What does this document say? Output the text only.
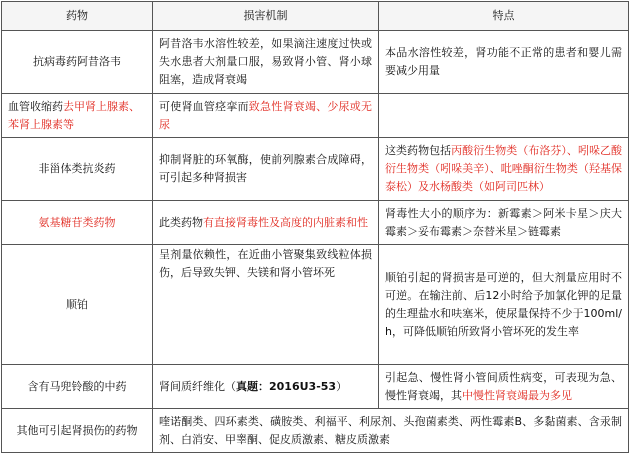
药物	损害机制	特点
抗病毒药阿昔洛韦	阿昔洛韦水溶性较差，如果滴注速度过快或失水患者大剂量口服，易致肾小管、肾小球阻塞，造成肾衰竭	本品水溶性较差，肾功能不正常的患者和婴儿需要减少用量
血管收缩药去甲肾上腺素、苯肾上腺素等	可使肾血管痉挛而致急性肾衰竭、少尿或无尿	
非甾体类抗炎药	抑制肾脏的环氧酶，使前列腺素合成障碍，可引起多种肾损害	这类药物包括丙酸衍生物类（布洛芬）、吲哚乙酸衍生物类（吲哚美辛）、吡唑酮衍生物类（羟基保泰松）及水杨酸类（如阿司匹林）
氨基糖苷类药物	此类药物有直接肾毒性及高度的内脏素和性	肾毒性大小的顺序为：新霉素＞阿米卡星＞庆大霉素＞妥布霉素＞奈替米星＞链霉素
顺铂	呈剂量依赖性，在近曲小管聚集致线粒体损伤，后导致失钾、失镁和肾小管坏死	顺铂引起的肾损害是可逆的，但大剂量应用时不可逆。在输注前、后12小时给予加氯化钾的足量的生理盐水和呋塞米，使尿量保持不少于100ml/h，可降低顺铂所致肾小管坏死的发生率
含有马兜铃酸的中药	肾间质纤维化（真题：2016U3-53）	引起急、慢性肾小管间质性病变，可表现为急、慢性肾衰竭，其中慢性肾衰竭最为多见
其他可引起肾损伤的药物	喹诺酮类、四环素类、磺胺类、利福平、利尿剂、头孢菌素类、两性霉素B、多黏菌素、含汞制剂、白消安、甲睾酮、促皮质激素、糖皮质激素	
